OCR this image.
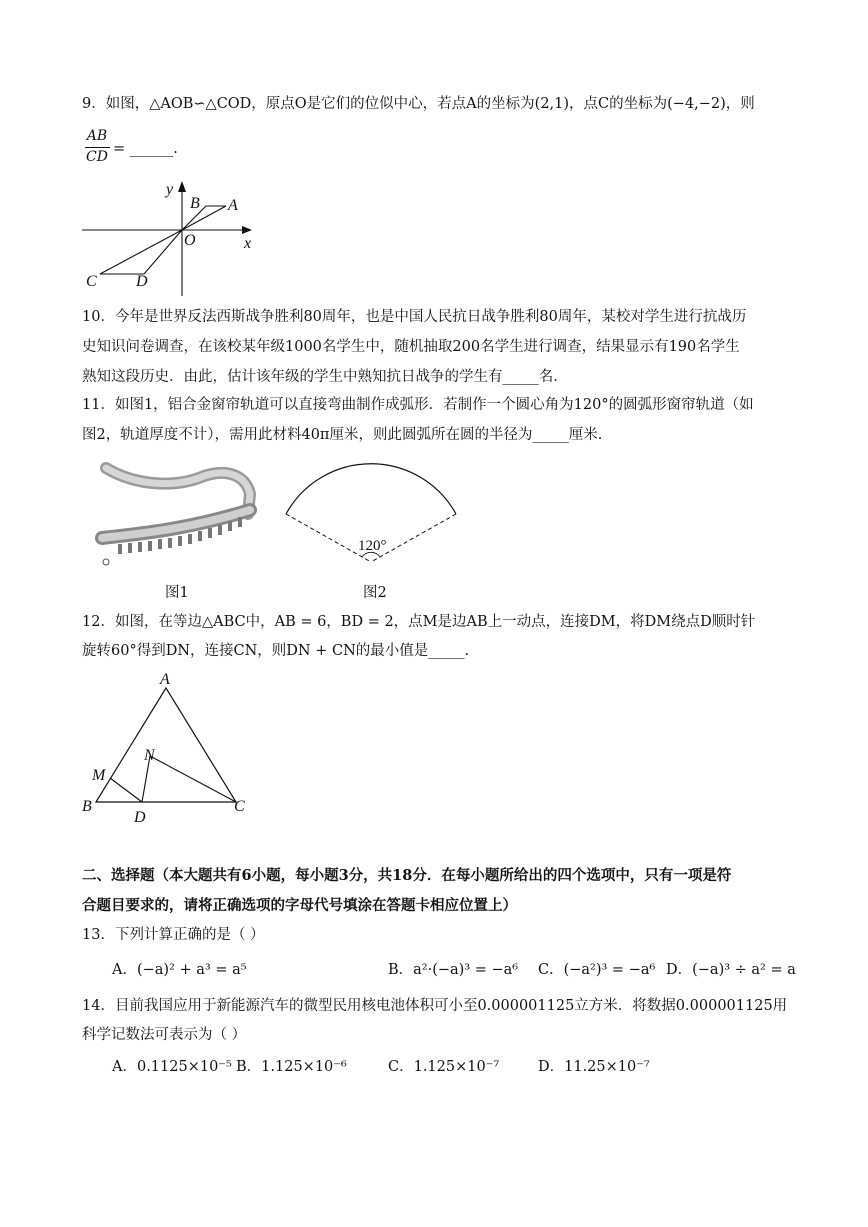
9．如图，△AOB∽△COD，原点O是它们的位似中心，若点A的坐标为(2,1)，点C的坐标为(−4,−2)，则
AB
CD = ______.
y
x
B A
O
C D
10．今年是世界反法西斯战争胜利80周年，也是中国人民抗日战争胜利80周年，某校对学生进行抗战历
史知识问卷调查，在该校某年级1000名学生中，随机抽取200名学生进行调查，结果显示有190名学生
熟知这段历史．由此，估计该年级的学生中熟知抗日战争的学生有_____名．
11．如图1，铝合金窗帘轨道可以直接弯曲制作成弧形．若制作一个圆心角为120°的圆弧形窗帘轨道（如
图2，轨道厚度不计），需用此材料40π厘米，则此圆弧所在圆的半径为_____厘米．
120°
图1	图2
12．如图，在等边△ABC中，AB = 6，BD = 2，点M是边AB上一动点，连接DM，将DM绕点D顺时针
旋转60°得到DN，连接CN，则DN + CN的最小值是_____.
A
M
N
B
D
C
二、选择题（本大题共有6小题，每小题3分，共18分．在每小题所给出的四个选项中，只有一项是符
合题目要求的，请将正确选项的字母代号填涂在答题卡相应位置上）
13．下列计算正确的是（ ）
A．(−a)² + a³ = a⁵	B．a²·(−a)³ = −a⁶ C．(−a²)³ = −a⁶ D．(−a)³ ÷ a² = a
14．目前我国应用于新能源汽车的微型民用核电池体积可小至0.000001125立方米．将数据0.000001125用
科学记数法可表示为（ ）
A．0.1125×10⁻⁵ B．1.125×10⁻⁶	C．1.125×10⁻⁷	D．11.25×10⁻⁷
